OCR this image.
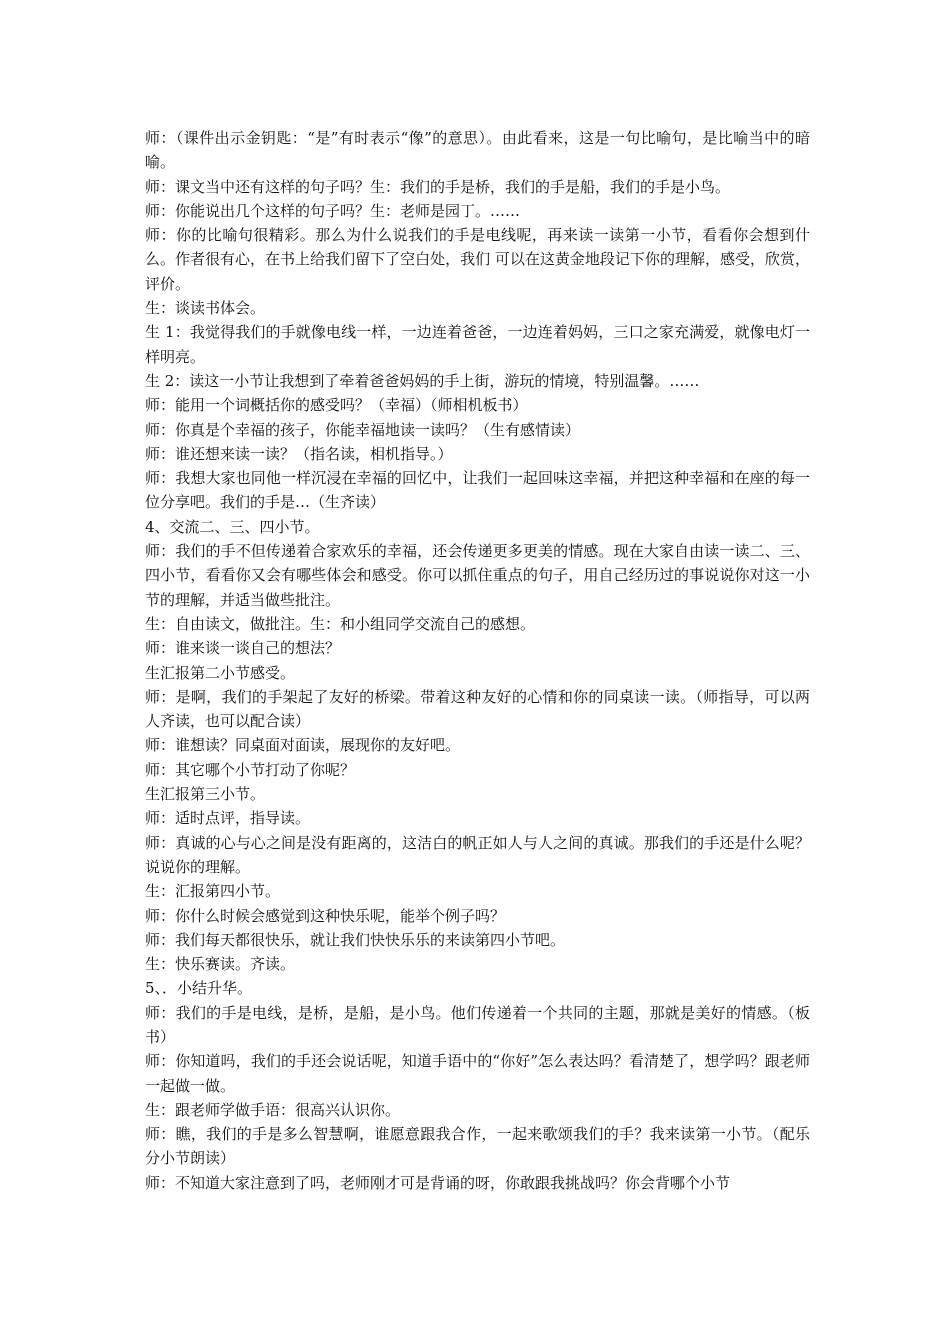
师：（课件出示金钥匙：“是”有时表示“像”的意思）。由此看来，这是一句比喻句，是比喻当中的暗喻。

师：课文当中还有这样的句子吗？生：我们的手是桥，我们的手是船，我们的手是小鸟。

师：你能说出几个这样的句子吗？生：老师是园丁。……

师：你的比喻句很精彩。那么为什么说我们的手是电线呢，再来读一读第一小节，看看你会想到什么。作者很有心，在书上给我们留下了空白处，我们 可以在这黄金地段记下你的理解，感受，欣赏，评价。

生：谈读书体会。

生 1：我觉得我们的手就像电线一样，一边连着爸爸，一边连着妈妈，三口之家充满爱，就像电灯一样明亮。

生 2：读这一小节让我想到了牵着爸爸妈妈的手上街，游玩的情境，特别温馨。……

师：能用一个词概括你的感受吗？（幸福）（师相机板书）

师：你真是个幸福的孩子，你能幸福地读一读吗？（生有感情读）

师：谁还想来读一读？（指名读，相机指导。）

师：我想大家也同他一样沉浸在幸福的回忆中，让我们一起回味这幸福，并把这种幸福和在座的每一位分享吧。我们的手是…（生齐读）

4、交流二、三、四小节。

师：我们的手不但传递着合家欢乐的幸福，还会传递更多更美的情感。现在大家自由读一读二、三、四小节，看看你又会有哪些体会和感受。你可以抓住重点的句子，用自己经历过的事说说你对这一小节的理解，并适当做些批注。

生：自由读文，做批注。生：和小组同学交流自己的感想。

师：谁来谈一谈自己的想法？

生汇报第二小节感受。

师：是啊，我们的手架起了友好的桥梁。带着这种友好的心情和你的同桌读一读。（师指导，可以两人齐读，也可以配合读）

师：谁想读？同桌面对面读，展现你的友好吧。

师：其它哪个小节打动了你呢？

生汇报第三小节。

师：适时点评，指导读。

师：真诚的心与心之间是没有距离的，这洁白的帆正如人与人之间的真诚。那我们的手还是什么呢？说说你的理解。

生：汇报第四小节。

师：你什么时候会感觉到这种快乐呢，能举个例子吗？

师：我们每天都很快乐，就让我们快快乐乐的来读第四小节吧。

生：快乐赛读。齐读。

5、．小结升华。

师：我们的手是电线，是桥，是船，是小鸟。他们传递着一个共同的主题，那就是美好的情感。（板书）

师：你知道吗，我们的手还会说话呢，知道手语中的“你好”怎么表达吗？看清楚了，想学吗？跟老师一起做一做。

生：跟老师学做手语：很高兴认识你。

师：瞧，我们的手是多么智慧啊，谁愿意跟我合作，一起来歌颂我们的手？我来读第一小节。（配乐分小节朗读）

师：不知道大家注意到了吗，老师刚才可是背诵的呀，你敢跟我挑战吗？你会背哪个小节
